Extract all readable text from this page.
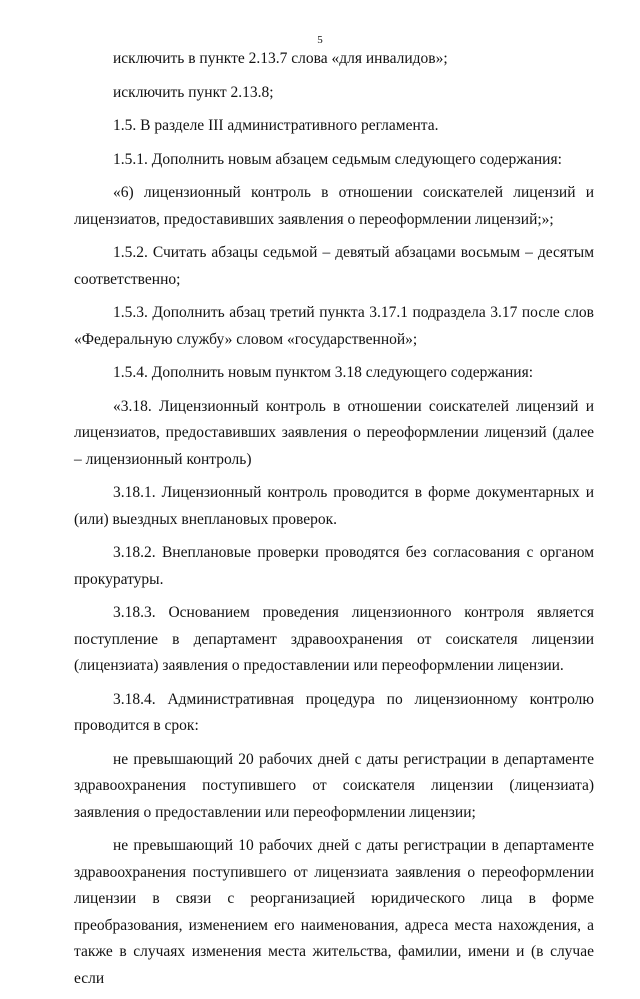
5

исключить в пункте 2.13.7 слова «для инвалидов»;

исключить пункт 2.13.8;

1.5. В разделе III административного регламента.

1.5.1. Дополнить новым абзацем седьмым следующего содержания:

«6) лицензионный контроль в отношении соискателей лицензий и лицензиатов, предоставивших заявления о переоформлении лицензий;»;

1.5.2. Считать абзацы седьмой – девятый абзацами восьмым – десятым соответственно;

1.5.3. Дополнить абзац третий пункта 3.17.1 подраздела 3.17 после слов «Федеральную службу» словом «государственной»;

1.5.4. Дополнить новым пунктом 3.18 следующего содержания:

«3.18. Лицензионный контроль в отношении соискателей лицензий и лицензиатов, предоставивших заявления о переоформлении лицензий (далее – лицензионный контроль)

3.18.1. Лицензионный контроль проводится в форме документарных и (или) выездных внеплановых проверок.

3.18.2. Внеплановые проверки проводятся без согласования с органом прокуратуры.

3.18.3. Основанием проведения лицензионного контроля является поступление в департамент здравоохранения от соискателя лицензии (лицензиата) заявления о предоставлении или переоформлении лицензии.

3.18.4. Административная процедура по лицензионному контролю проводится в срок:

не превышающий 20 рабочих дней с даты регистрации в департаменте здравоохранения поступившего от соискателя лицензии (лицензиата) заявления о предоставлении или переоформлении лицензии;

не превышающий 10 рабочих дней с даты регистрации в департаменте здравоохранения поступившего от лицензиата заявления о переоформлении лицензии в связи с реорганизацией юридического лица в форме преобразования, изменением его наименования, адреса места нахождения, а также в случаях изменения места жительства, фамилии, имени и (в случае если
